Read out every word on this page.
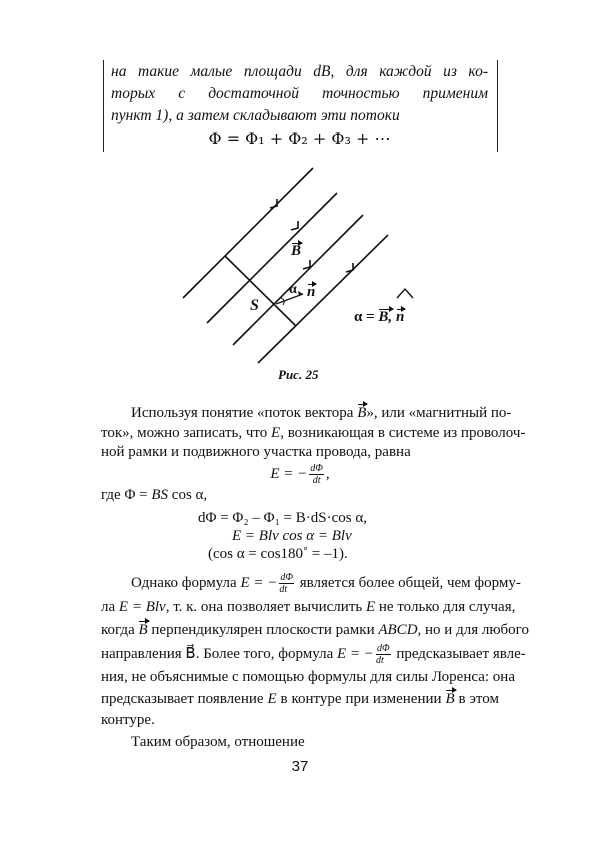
на такие малые площади dB, для каждой из ко-
торых с достаточной точностью применим
пункт 1), а затем складывают эти потоки
Φ = Φ₁ + Φ₂ + Φ₃ + ⋯
B
α n
S
α = B, n
Рис. 25
Используя понятие «поток вектора B», или «магнитный по-
ток», можно записать, что E, возникающая в системе из проволоч-
ной рамки и подвижного участка провода, равна
E = − $\frac{d\Phi}{dt}$ ,
где Φ = BS cos α,
dΦ = Φ₂ – Φ₁ = B·dS·cos α,
E = Blν cos α = Blν
(cos α = cos180˚ = –1).
Однако формула E = − $\frac{d\Phi}{dt}$ является более общей, чем форму-
ла E = Blν, т. к. она позволяет вычислить E не только для случая,
когда B перпендикулярен плоскости рамки ABCD, но и для любого
направления B⃗. Более того, формула E = − $\frac{d\Phi}{dt}$ предсказывает явле-
ния, не объяснимые с помощью формулы для силы Лоренса: она
предсказывает появление E в контуре при изменении B в этом
контуре.
Таким образом, отношение
37
